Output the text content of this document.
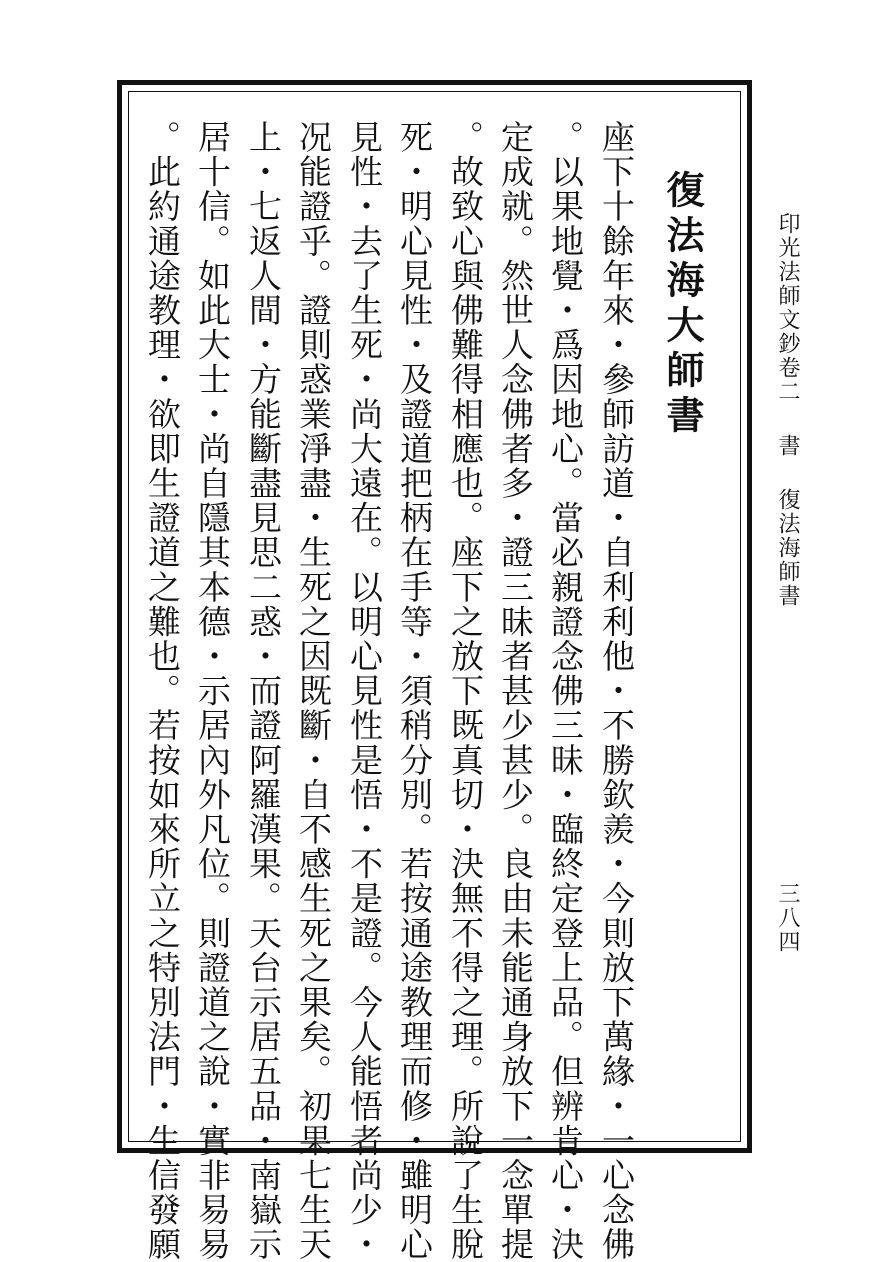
印光法師文鈔卷二書復法海師書
三八四
復法海大師書
座下十餘年來・參師訪道・自利利他・不勝欽羨・今則放下萬緣・一心念佛
。以果地覺・爲因地心。當必親證念佛三昧・臨終定登上品。但辨肯心・決
定成就。然世人念佛者多・證三昧者甚少甚少。良由未能通身放下一念單提
。故致心與佛難得相應也。座下之放下既真切・決無不得之理。所說了生脫
死・明心見性・及證道把柄在手等・須稍分別。若按通途教理而修・雖明心
見性・去了生死・尚大遠在。以明心見性是悟・不是證。今人能悟者尚少・
况能證乎。證則惑業淨盡・生死之因既斷・自不感生死之果矣。初果七生天
上・七返人間・方能斷盡見思二惑・而證阿羅漢果。天台示居五品・南嶽示
居十信。如此大士・尚自隱其本德・示居內外凡位。則證道之說・實非易易
。此約通途教理・欲即生證道之難也。若按如來所立之特別法門・生信發願
